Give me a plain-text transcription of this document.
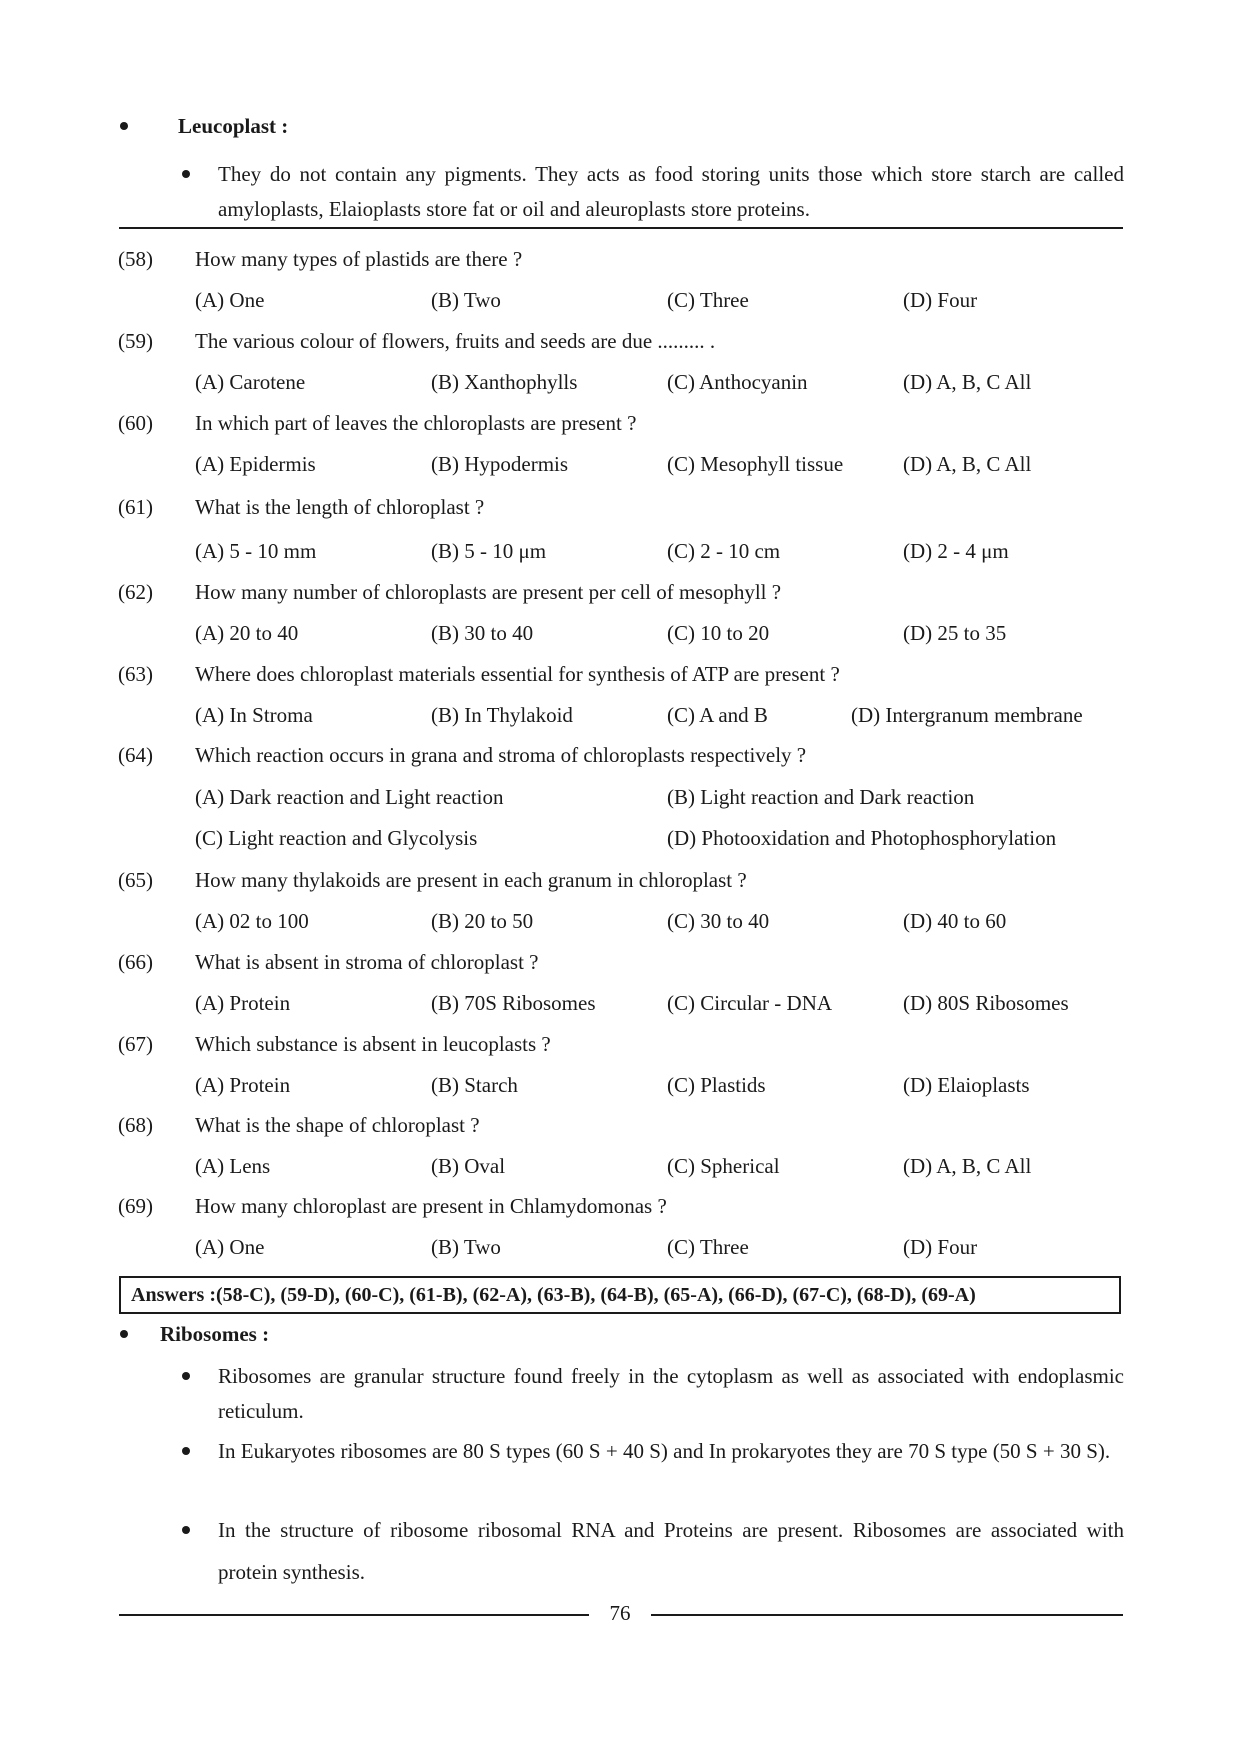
Leucoplast :
They do not contain any pigments. They acts as food storing units those which store starch are called amyloplasts, Elaioplasts store fat or oil and aleuroplasts store proteins.
(58) How many types of plastids are there ?
(A) One	(B) Two	(C) Three	(D) Four
(59) The various colour of flowers, fruits and seeds are due ......... .
(A) Carotene	(B) Xanthophylls	(C) Anthocyanin	(D) A, B, C All
(60) In which part of leaves the chloroplasts are present ?
(A) Epidermis	(B) Hypodermis	(C) Mesophyll tissue	(D) A, B, C All
(61) What is the length of chloroplast ?
(A) 5 - 10 mm	(B) 5 - 10 μm	(C) 2 - 10 cm	(D) 2 - 4 μm
(62) How many number of chloroplasts are present per cell of mesophyll ?
(A) 20 to 40	(B) 30 to 40	(C) 10 to 20	(D) 25 to 35
(63) Where does chloroplast materials essential for synthesis of ATP are present ?
(A) In Stroma	(B) In Thylakoid	(C) A and B	(D) Intergranum membrane
(64) Which reaction occurs in grana and stroma of chloroplasts respectively ?
(A) Dark reaction and Light reaction	(B) Light reaction and Dark reaction
(C) Light reaction and Glycolysis	(D) Photooxidation and Photophosphorylation
(65) How many thylakoids are present in each granum in chloroplast ?
(A) 02 to 100	(B) 20 to 50	(C) 30 to 40	(D) 40 to 60
(66) What is absent in stroma of chloroplast ?
(A) Protein	(B) 70S Ribosomes	(C) Circular - DNA	(D) 80S Ribosomes
(67) Which substance is absent in leucoplasts ?
(A) Protein	(B) Starch	(C) Plastids	(D) Elaioplasts
(68) What is the shape of chloroplast ?
(A) Lens	(B) Oval	(C) Spherical	(D) A, B, C All
(69) How many chloroplast are present in Chlamydomonas ?
(A) One	(B) Two	(C) Three	(D) Four
Answers :(58-C), (59-D), (60-C), (61-B), (62-A), (63-B), (64-B), (65-A), (66-D), (67-C), (68-D), (69-A)
Ribosomes :
Ribosomes are granular structure found freely in the cytoplasm as well as associated with endoplasmic reticulum.
In Eukaryotes ribosomes are 80 S types (60 S + 40 S) and In prokaryotes they are 70 S type (50 S + 30 S).
In the structure of ribosome ribosomal RNA and Proteins are present. Ribosomes are associated with protein synthesis.
76
